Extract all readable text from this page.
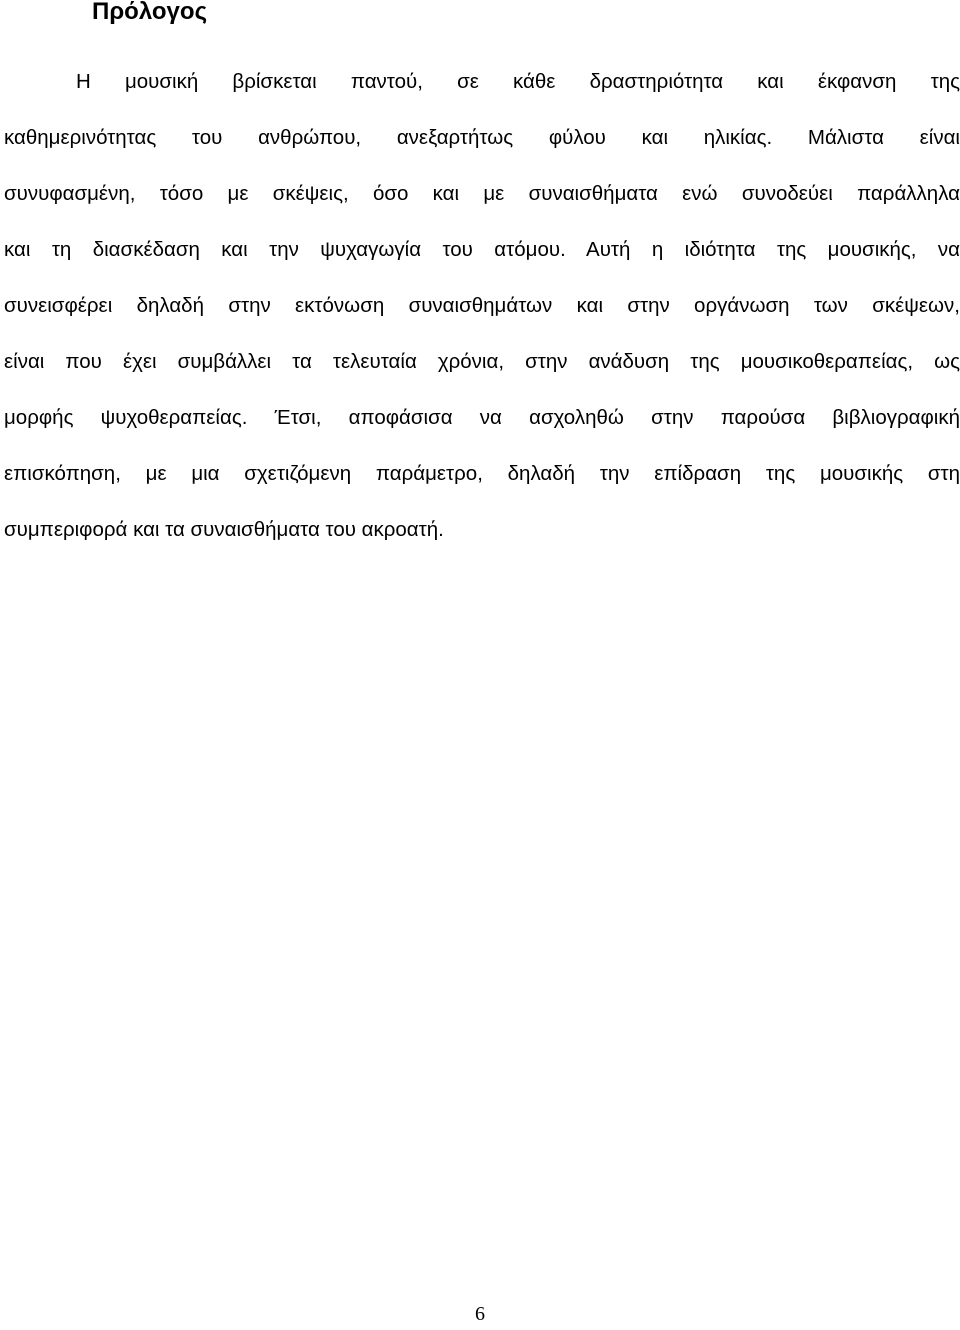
Πρόλογος
Η μουσική βρίσκεται παντού, σε κάθε δραστηριότητα και έκφανση της
καθημερινότητας του ανθρώπου, ανεξαρτήτως φύλου και ηλικίας. Μάλιστα είναι
συνυφασμένη, τόσο με σκέψεις, όσο και με συναισθήματα ενώ συνοδεύει παράλληλα
και τη διασκέδαση και την ψυχαγωγία του ατόμου. Αυτή η ιδιότητα της μουσικής, να
συνεισφέρει δηλαδή στην εκτόνωση συναισθημάτων και στην οργάνωση των σκέψεων,
είναι που έχει συμβάλλει τα τελευταία χρόνια, στην ανάδυση της μουσικοθεραπείας, ως
μορφής ψυχοθεραπείας. Έτσι, αποφάσισα να ασχοληθώ στην παρούσα βιβλιογραφική
επισκόπηση, με μια σχετιζόμενη παράμετρο, δηλαδή την επίδραση της μουσικής στη
συμπεριφορά και τα συναισθήματα του ακροατή.
6
